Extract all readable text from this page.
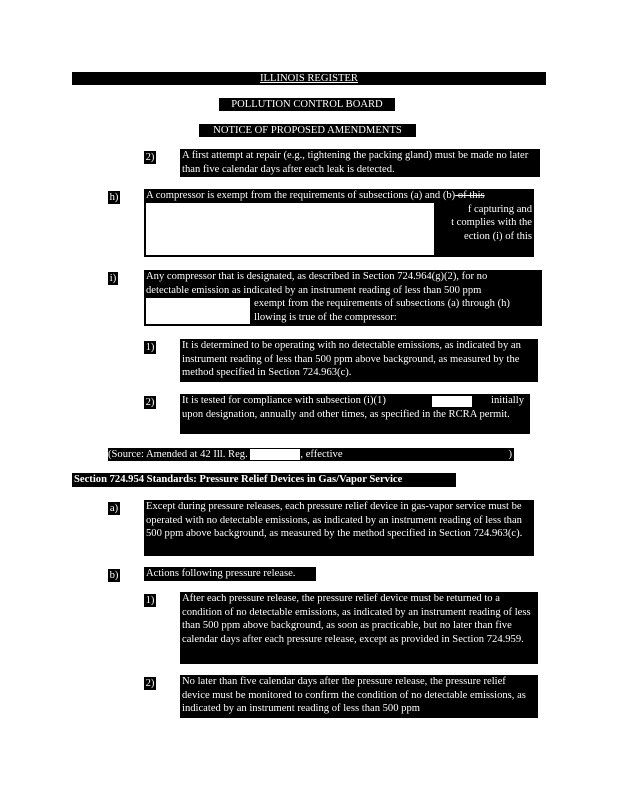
ILLINOIS REGISTER
POLLUTION CONTROL BOARD
NOTICE OF PROPOSED AMENDMENTS
2)	A first attempt at repair (e.g., tightening the packing gland) must be made no later than five calendar days after each leak is detected.
h)	A compressor is exempt from the requirements of subsections (a) and (b) of this
f capturing and
t complies with the
ection (i) of this
i)	Any compressor that is designated, as described in Section 724.964(g)(2), for no
detectable emission as indicated by an instrument reading of less than 500 ppm
exempt from the requirements of subsections (a) through (h)
llowing is true of the compressor:
1)	It is determined to be operating with no detectable emissions, as indicated by an instrument reading of less than 500 ppm above background, as measured by the method specified in Section 724.963(c).
2)	It is tested for compliance with subsection (i)(1)	initially
upon designation, annually and other times, as specified in the RCRA permit.
(Source: Amended at 42 Ill. Reg.	, effective	)
Section 724.954 Standards: Pressure Relief Devices in Gas/Vapor Service
a)	Except during pressure releases, each pressure relief device in gas-vapor service must be operated with no detectable emissions, as indicated by an instrument reading of less than 500 ppm above background, as measured by the method specified in Section 724.963(c).
b)	Actions following pressure release.
1)	After each pressure release, the pressure relief device must be returned to a condition of no detectable emissions, as indicated by an instrument reading of less than 500 ppm above background, as soon as practicable, but no later than five calendar days after each pressure release, except as provided in Section 724.959.
2)	No later than five calendar days after the pressure release, the pressure relief device must be monitored to confirm the condition of no detectable emissions, as indicated by an instrument reading of less than 500 ppm
